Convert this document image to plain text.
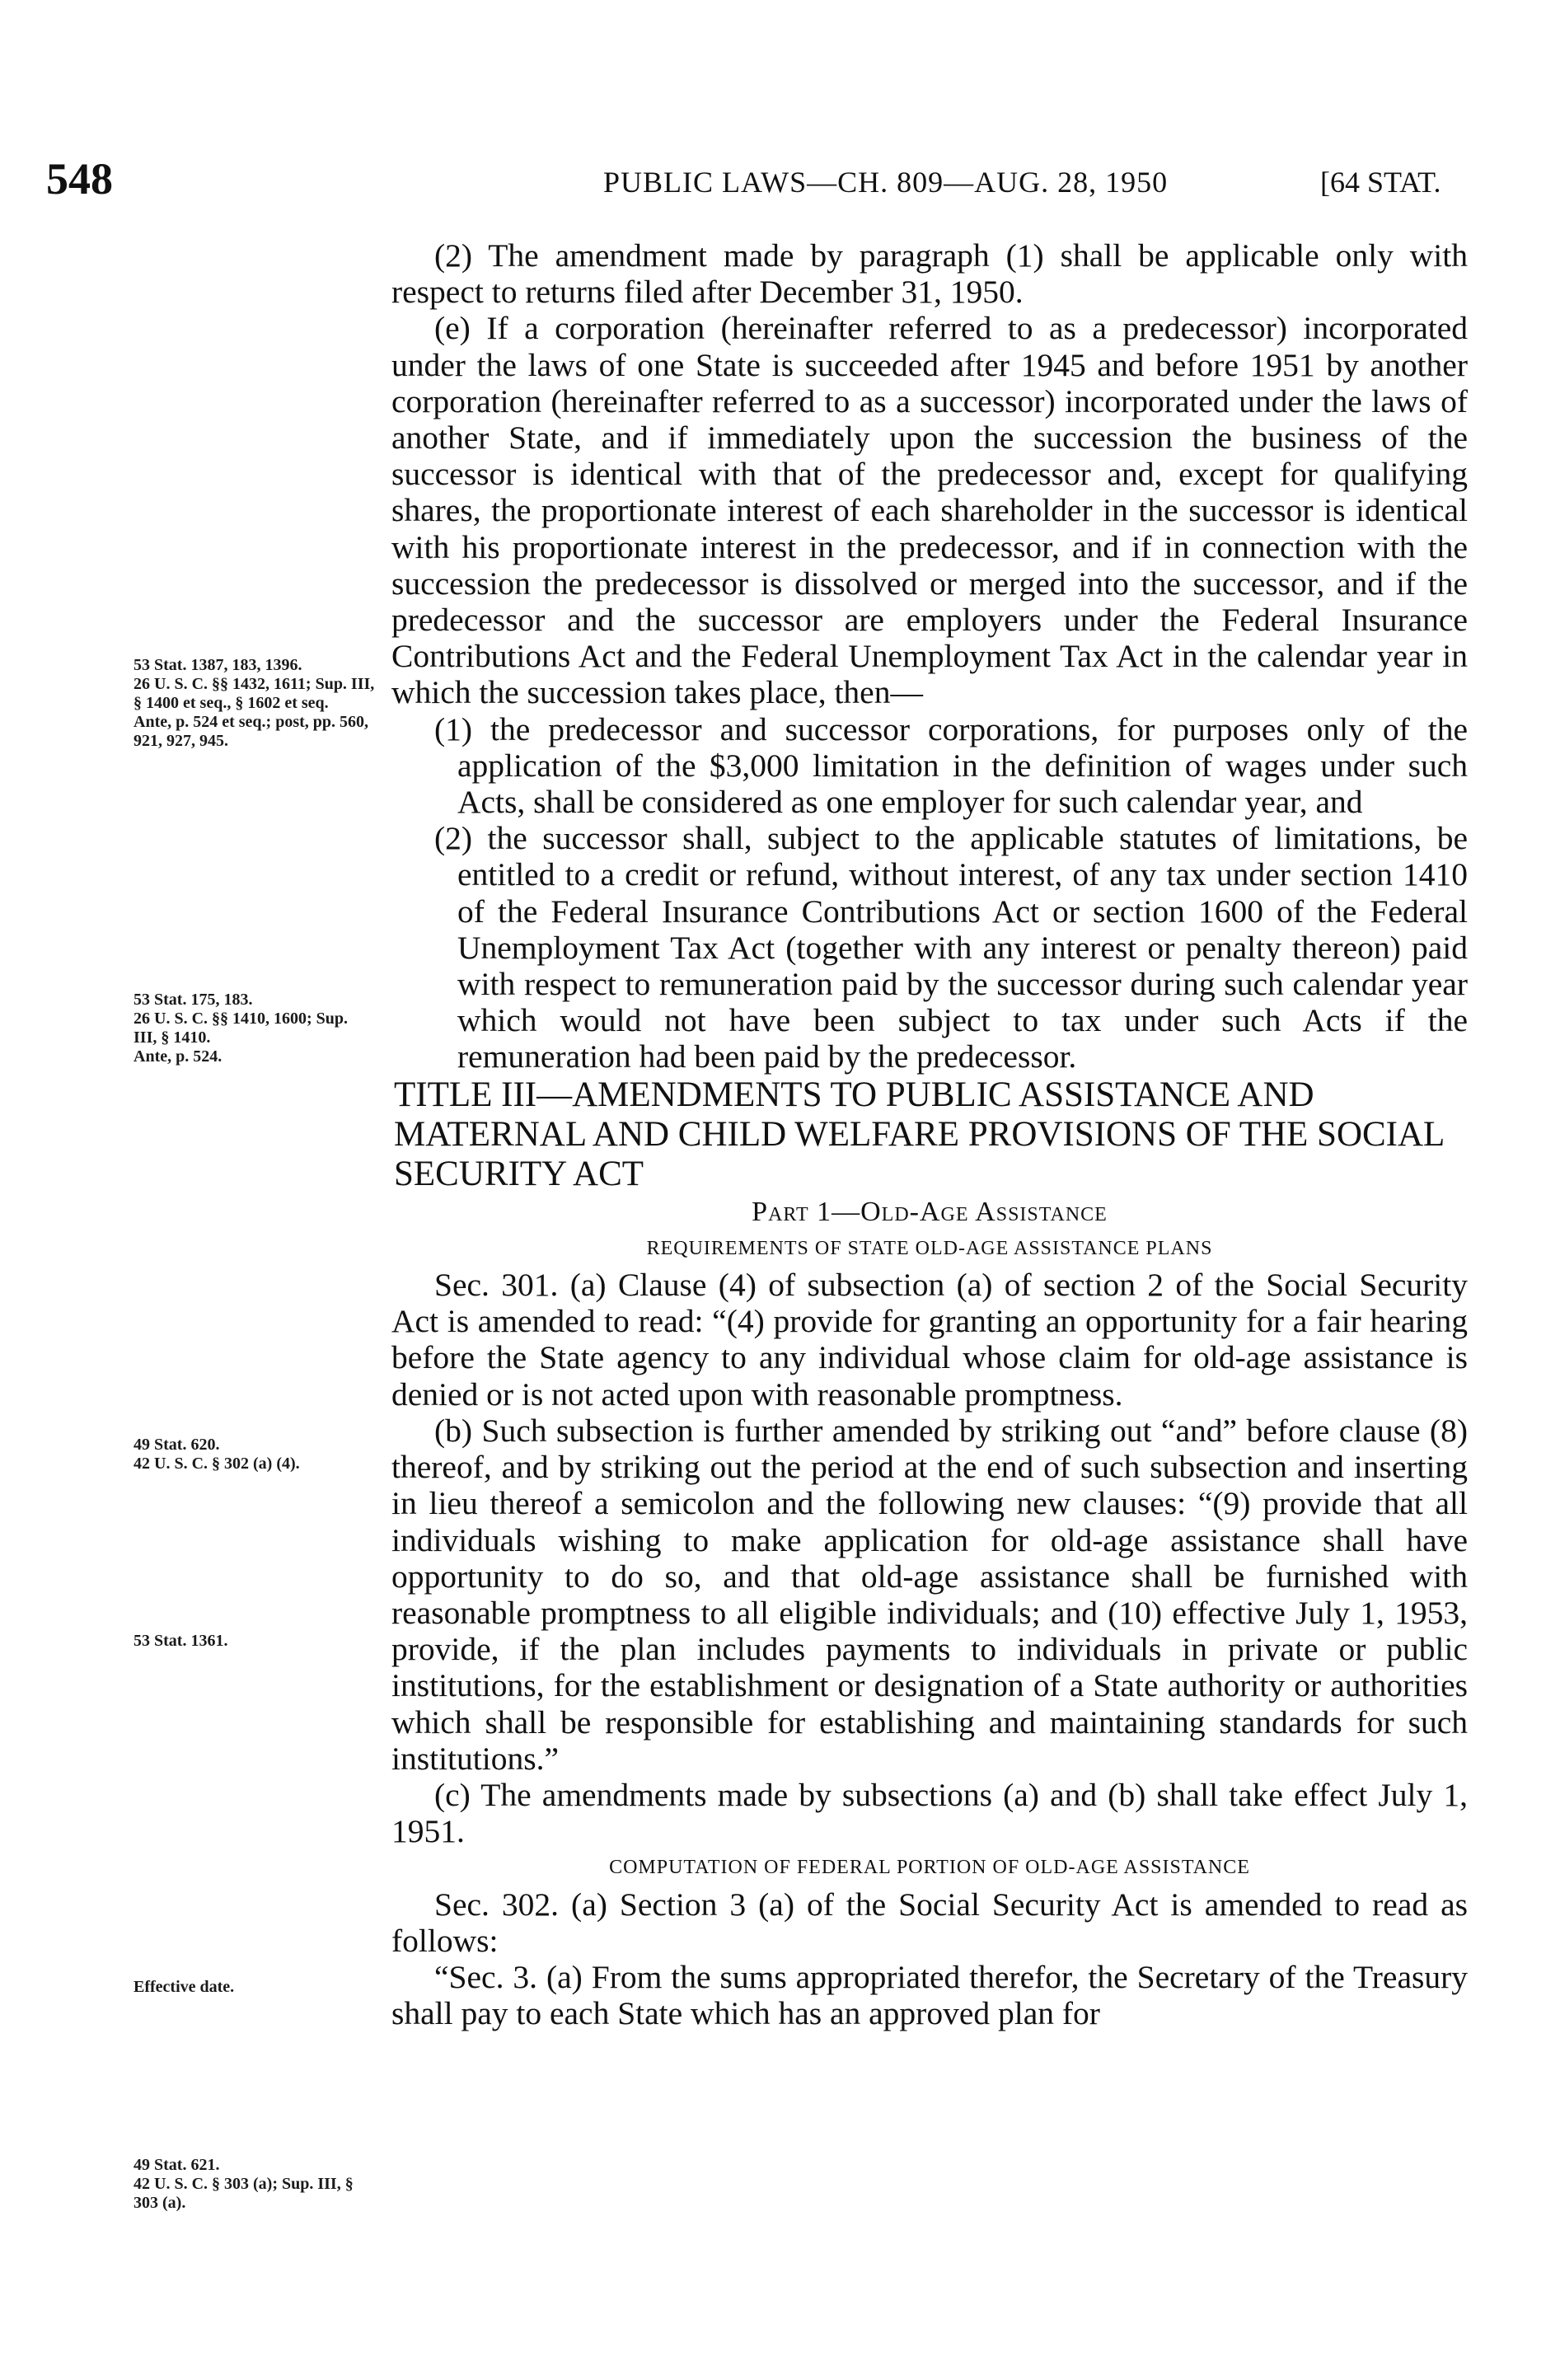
548	PUBLIC LAWS—CH. 809—AUG. 28, 1950	[64 STAT.
53 Stat. 1387, 183, 1396.
26 U. S. C. §§ 1432, 1611; Sup. III, § 1400 et seq., § 1602 et seq.
Ante, p. 524 et seq.; post, pp. 560, 921, 927, 945.
53 Stat. 175, 183.
26 U. S. C. §§ 1410, 1600; Sup. III, § 1410.
Ante, p. 524.
49 Stat. 620.
42 U. S. C. § 302 (a) (4).
53 Stat. 1361.
Effective date.
49 Stat. 621.
42 U. S. C. § 303 (a); Sup. III, § 303 (a).

(2) The amendment made by paragraph (1) shall be applicable only with respect to returns filed after December 31, 1950.

(e) If a corporation (hereinafter referred to as a predecessor) incorporated under the laws of one State is succeeded after 1945 and before 1951 by another corporation (hereinafter referred to as a successor) incorporated under the laws of another State, and if immediately upon the succession the business of the successor is identical with that of the predecessor and, except for qualifying shares, the proportionate interest of each shareholder in the successor is identical with his proportionate interest in the predecessor, and if in connection with the succession the predecessor is dissolved or merged into the successor, and if the predecessor and the successor are employers under the Federal Insurance Contributions Act and the Federal Unemployment Tax Act in the calendar year in which the succession takes place, then—

(1) the predecessor and successor corporations, for purposes only of the application of the $3,000 limitation in the definition of wages under such Acts, shall be considered as one employer for such calendar year, and

(2) the successor shall, subject to the applicable statutes of limitations, be entitled to a credit or refund, without interest, of any tax under section 1410 of the Federal Insurance Contributions Act or section 1600 of the Federal Unemployment Tax Act (together with any interest or penalty thereon) paid with respect to remuneration paid by the successor during such calendar year which would not have been subject to tax under such Acts if the remuneration had been paid by the predecessor.

TITLE III—AMENDMENTS TO PUBLIC ASSISTANCE AND MATERNAL AND CHILD WELFARE PROVISIONS OF THE SOCIAL SECURITY ACT

Part 1—Old-Age Assistance

REQUIREMENTS OF STATE OLD-AGE ASSISTANCE PLANS

Sec. 301. (a) Clause (4) of subsection (a) of section 2 of the Social Security Act is amended to read: “(4) provide for granting an opportunity for a fair hearing before the State agency to any individual whose claim for old-age assistance is denied or is not acted upon with reasonable promptness.

(b) Such subsection is further amended by striking out “and” before clause (8) thereof, and by striking out the period at the end of such subsection and inserting in lieu thereof a semicolon and the following new clauses: “(9) provide that all individuals wishing to make application for old-age assistance shall have opportunity to do so, and that old-age assistance shall be furnished with reasonable promptness to all eligible individuals; and (10) effective July 1, 1953, provide, if the plan includes payments to individuals in private or public institutions, for the establishment or designation of a State authority or authorities which shall be responsible for establishing and maintaining standards for such institutions.”

(c) The amendments made by subsections (a) and (b) shall take effect July 1, 1951.

COMPUTATION OF FEDERAL PORTION OF OLD-AGE ASSISTANCE

Sec. 302. (a) Section 3 (a) of the Social Security Act is amended to read as follows:

“Sec. 3. (a) From the sums appropriated therefor, the Secretary of the Treasury shall pay to each State which has an approved plan for
